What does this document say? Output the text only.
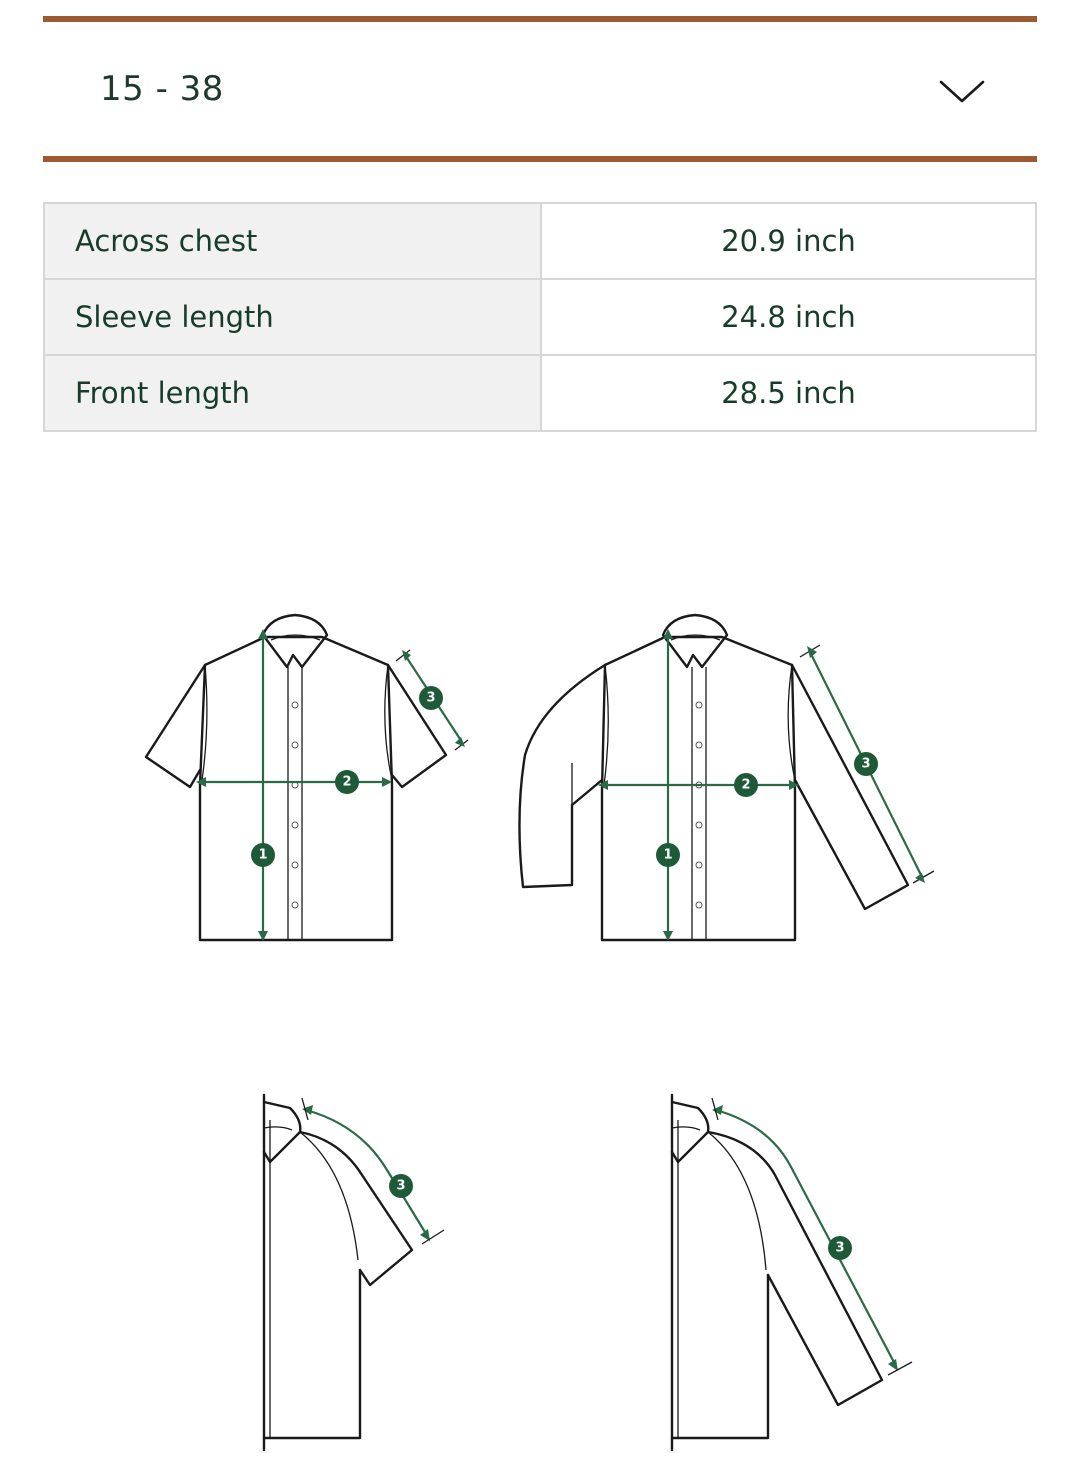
15 - 38
Across chest	20.9 inch
Sleeve length	24.8 inch
Front length	28.5 inch
1
2
3
1
2
3
3
3
